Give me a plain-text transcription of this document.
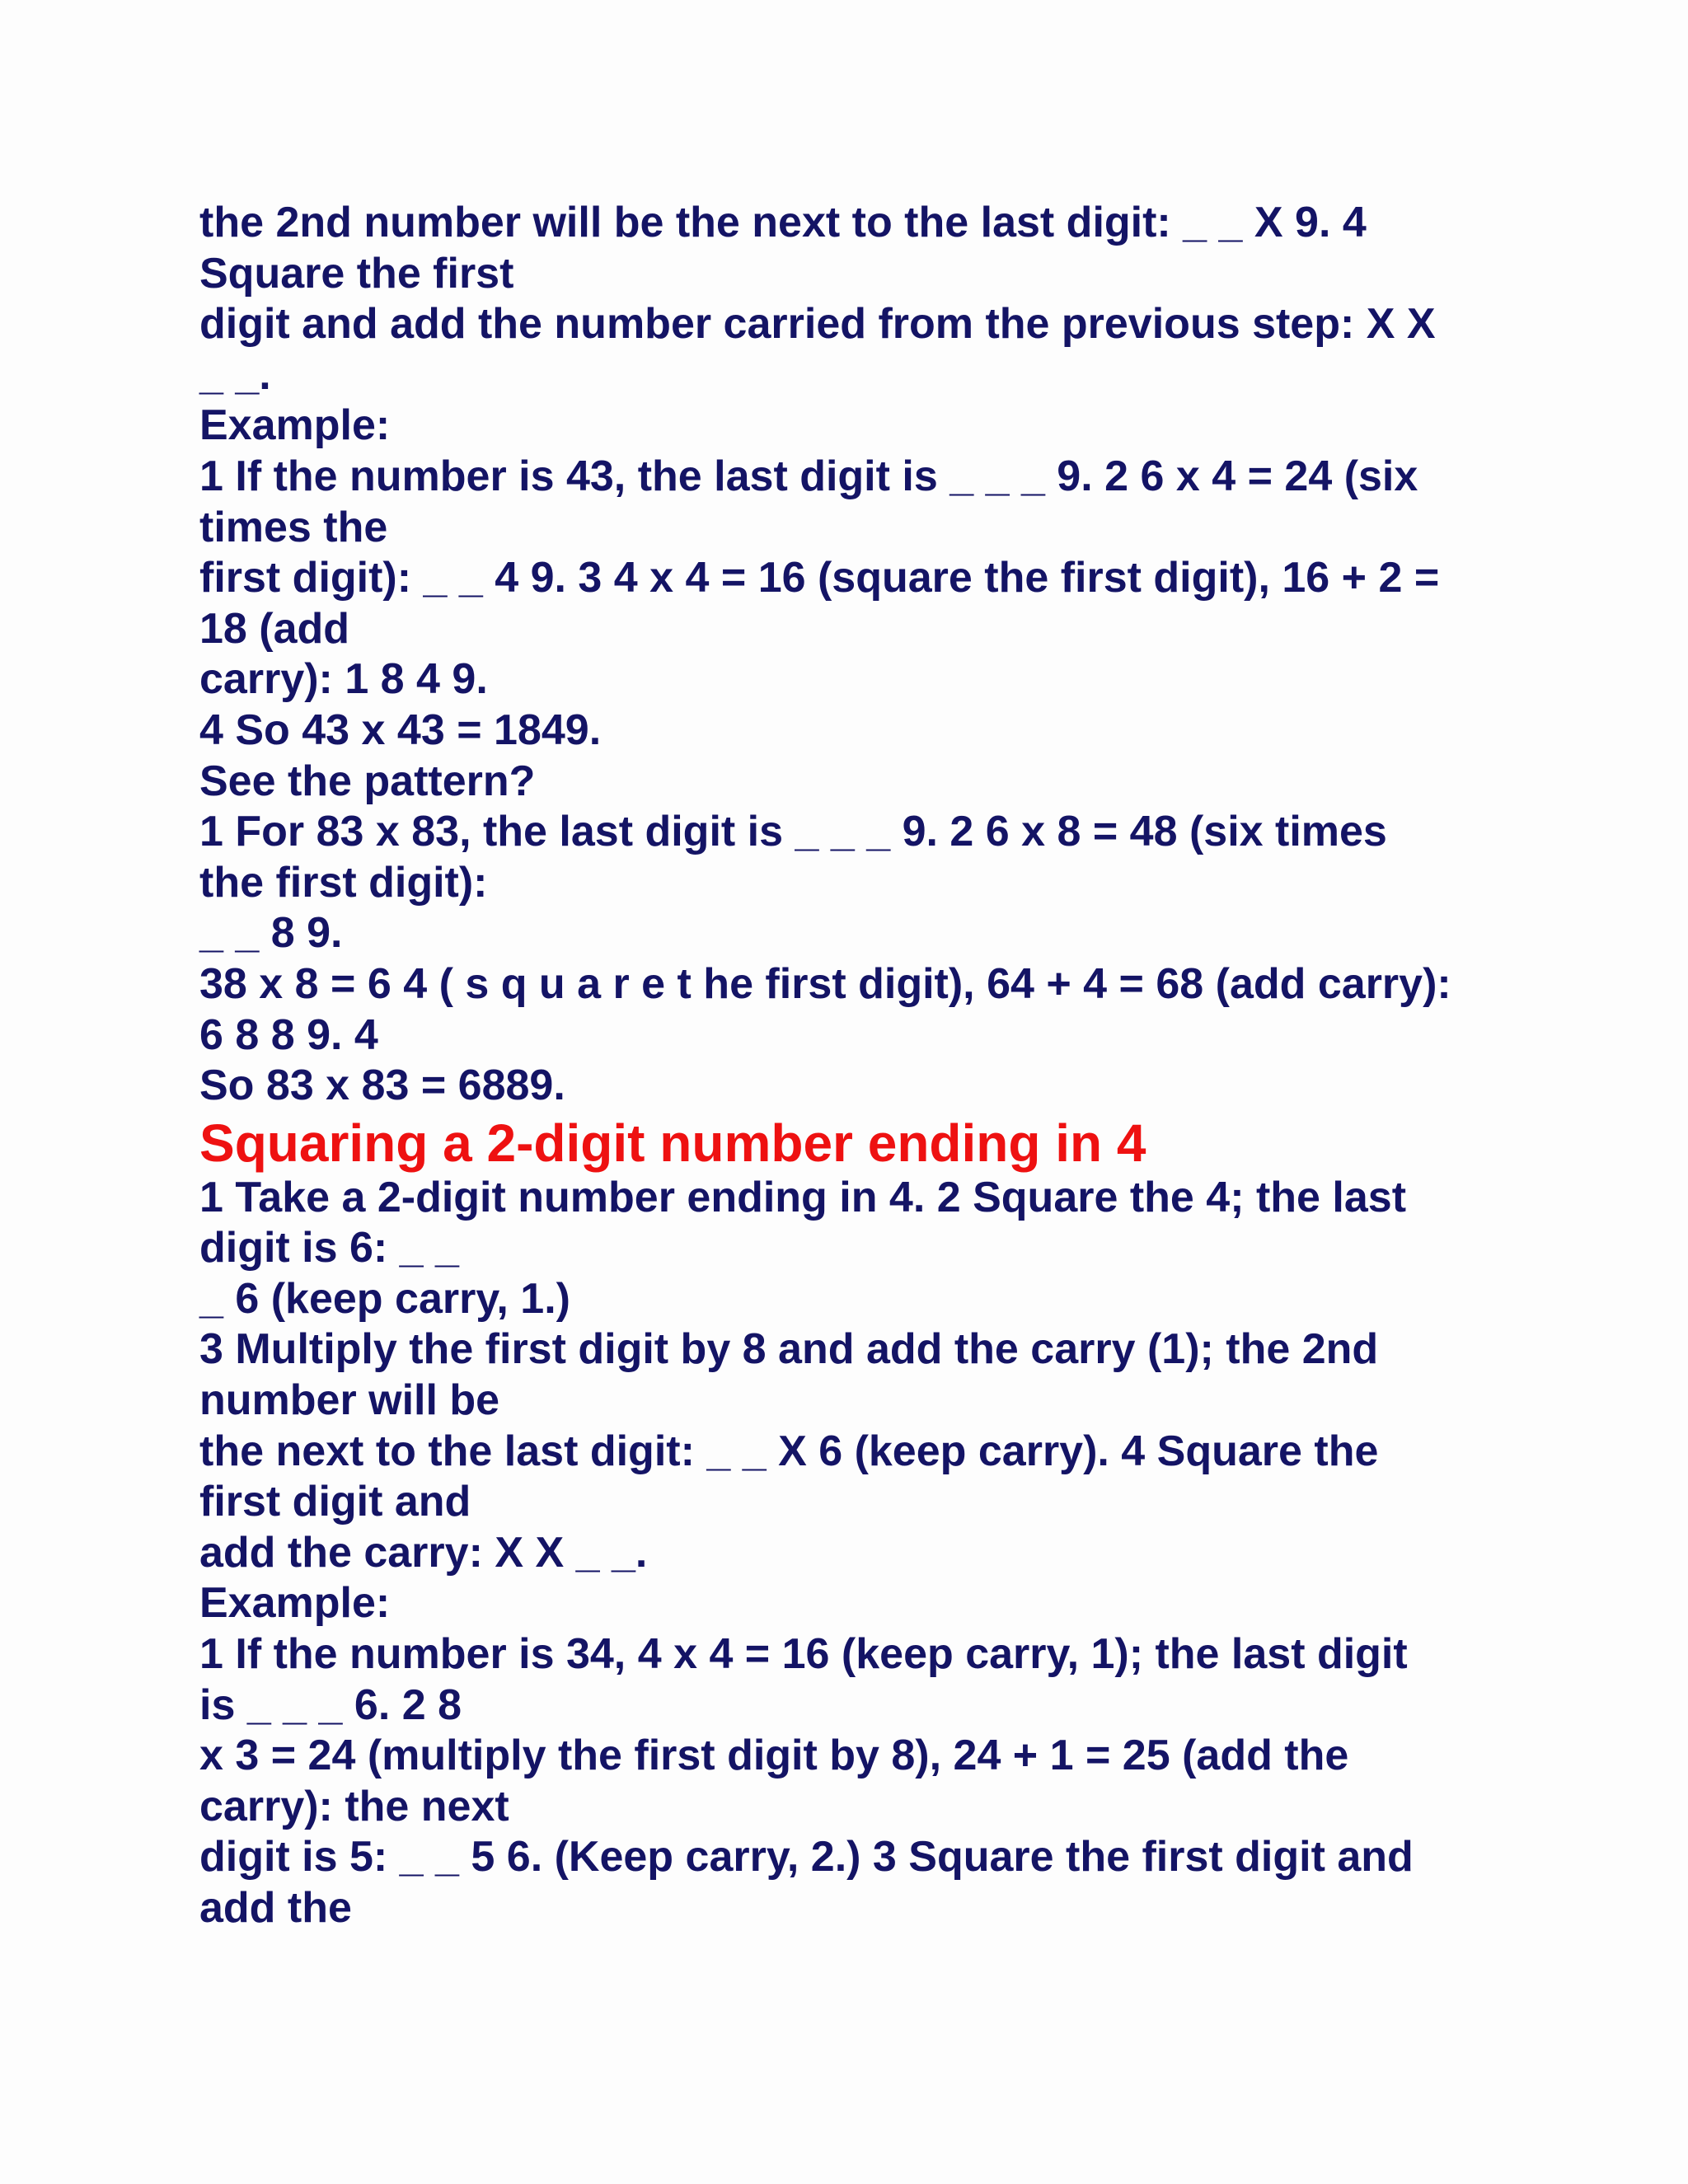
the 2nd number will be the next to the last digit: _ _ X 9. 4

Square the first

digit and add the number carried from the previous step: X X

_ _.

Example:

1 If the number is 43, the last digit is _ _ _ 9. 2 6 x 4 = 24 (six

times the

first digit): _ _ 4 9. 3 4 x 4 = 16 (square the first digit), 16 + 2 =

18 (add

carry): 1 8 4 9.

4 So 43 x 43 = 1849.

See the pattern?

1 For 83 x 83, the last digit is _ _ _ 9. 2 6 x 8 = 48 (six times

the first digit):

_ _ 8 9.

38 x 8 = 6 4 ( s q u a r e t he first digit), 64 + 4 = 68 (add carry):

6 8 8 9. 4

So 83 x 83 = 6889.

Squaring a 2-digit number ending in 4

1 Take a 2-digit number ending in 4. 2 Square the 4; the last

digit is 6: _ _

_ 6 (keep carry, 1.)

3 Multiply the first digit by 8 and add the carry (1); the 2nd

number will be

the next to the last digit: _ _ X 6 (keep carry). 4 Square the

first digit and

add the carry: X X _ _.

Example:

1 If the number is 34, 4 x 4 = 16 (keep carry, 1); the last digit

is _ _ _ 6. 2 8

x 3 = 24 (multiply the first digit by 8), 24 + 1 = 25 (add the

carry): the next

digit is 5: _ _ 5 6. (Keep carry, 2.) 3 Square the first digit and

add the
